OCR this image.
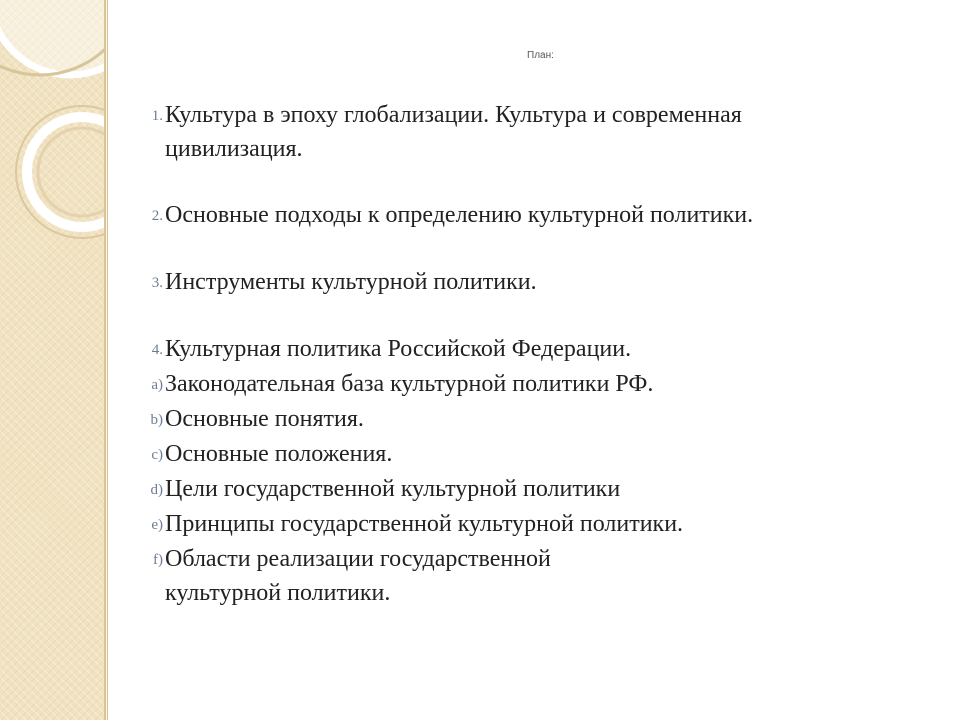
План:

1. Культура в эпоху глобализации. Культура и современная цивилизация.
2. Основные подходы к определению культурной политики.
3. Инструменты культурной политики.
4. Культурная политика Российской Федерации.
a) Законодательная база культурной политики РФ.
b) Основные понятия.
c) Основные положения.
d) Цели государственной культурной политики
e) Принципы государственной культурной политики.
f) Области реализации государственной культурной политики.
